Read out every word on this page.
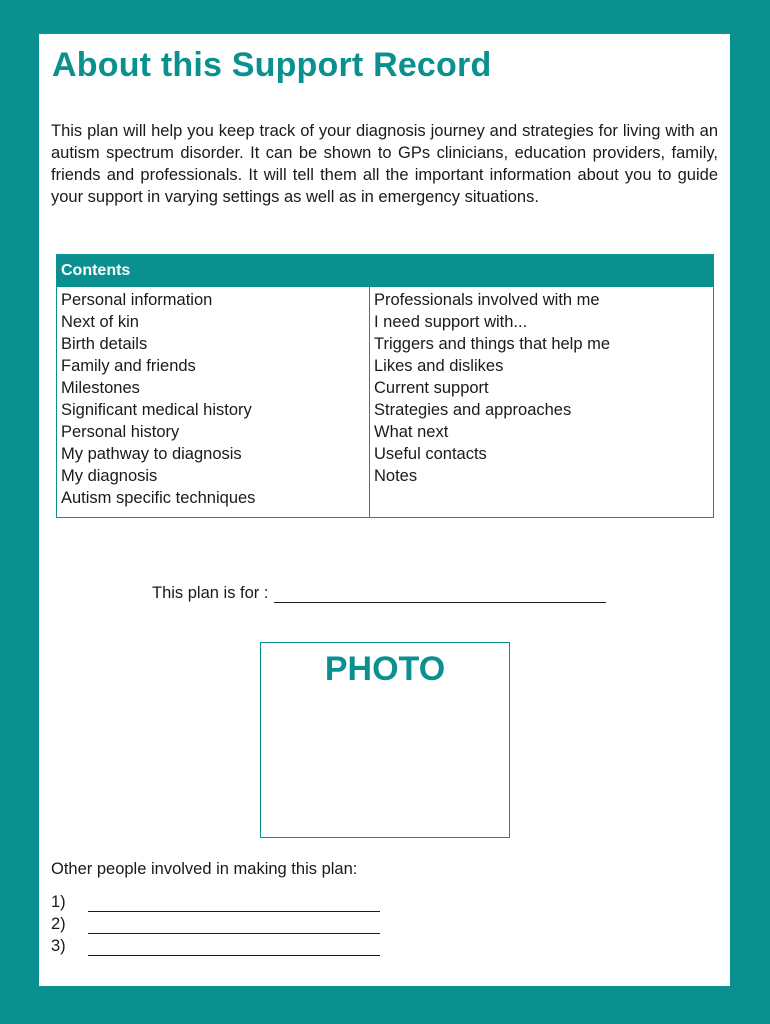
About this Support Record

This plan will help you keep track of your diagnosis journey and strategies for living with an autism spectrum disorder. It can be shown to GPs clinicians, education providers, family, friends and professionals. It will tell them all the important information about you to guide your support in varying settings as well as in emergency situations.

Contents
Personal information
Next of kin
Birth details
Family and friends
Milestones
Significant medical history
Personal history
My pathway to diagnosis
My diagnosis
Autism specific techniques
Professionals involved with me
I need support with...
Triggers and things that help me
Likes and dislikes
Current support
Strategies and approaches
What next
Useful contacts
Notes
This plan is for :
PHOTO
Other people involved in making this plan:
1)
2)
3)
